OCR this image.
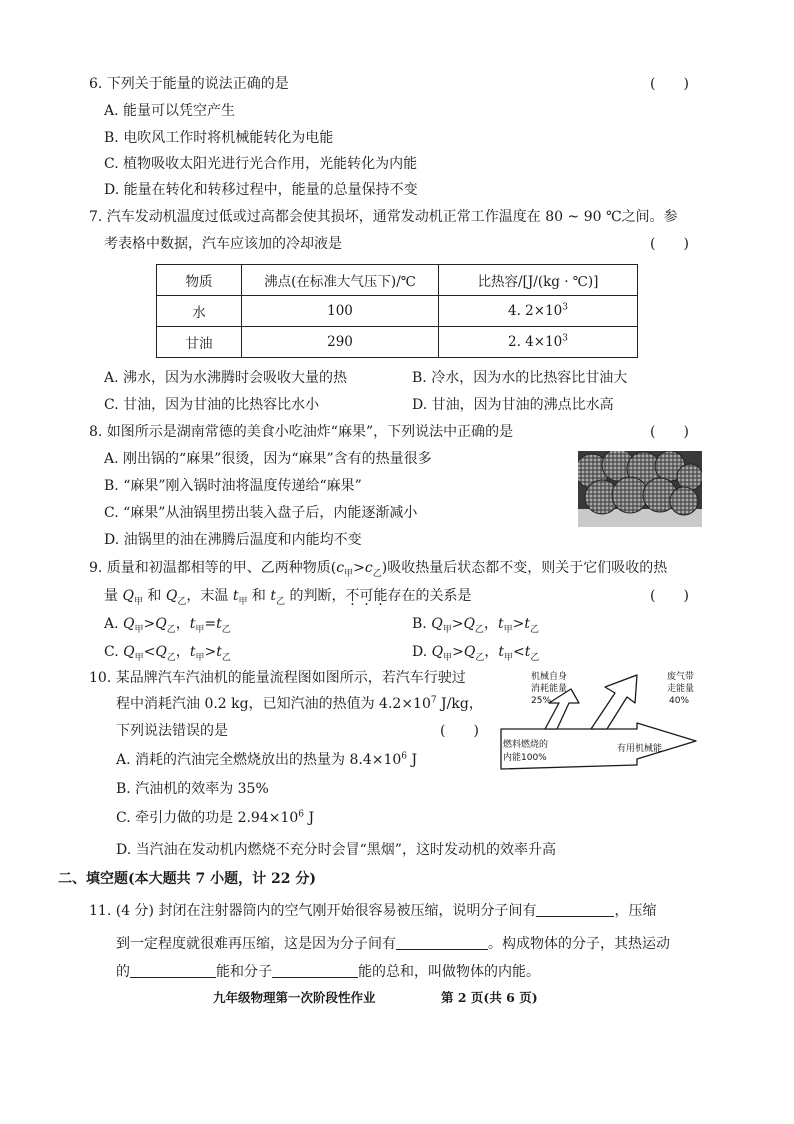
6. 下列关于能量的说法正确的是	(　　)
A. 能量可以凭空产生
B. 电吹风工作时将机械能转化为电能
C. 植物吸收太阳光进行光合作用，光能转化为内能
D. 能量在转化和转移过程中，能量的总量保持不变
7. 汽车发动机温度过低或过高都会使其损坏，通常发动机正常工作温度在 80 ~ 90 ℃之间。参
考表格中数据，汽车应该加的冷却液是	(　　)
物质	沸点(在标准大气压下)/℃	比热容/[J/(kg · ℃)]
水	100	4. $2\times 10^3$
甘油	290	2. $4\times 10^3$
A. 沸水，因为水沸腾时会吸收大量的热	B. 冷水，因为水的比热容比甘油大
C. 甘油，因为甘油的比热容比水小	D. 甘油，因为甘油的沸点比水高
8. 如图所示是湖南常德的美食小吃油炸“麻果”，下列说法中正确的是	(　　)
A. 刚出锅的“麻果”很烫，因为“麻果”含有的热量很多
B. “麻果”刚入锅时油将温度传递给“麻果”
C. “麻果”从油锅里捞出装入盘子后，内能逐渐减小
D. 油锅里的油在沸腾后温度和内能均不变
9. 质量和初温都相等的甲、乙两种物质$(c_甲>c_乙)$吸收热量后状态都不变，则关于它们吸收的热
量 $Q_甲$ 和 $Q_乙$，末温 $t_甲$ 和 $t_乙$ 的判断，不可能存在的关系是	(　　)
A. $Q_甲>Q_乙$，$t_甲=t_乙$	B. $Q_甲>Q_乙$，$t_甲>t_乙$
C. $Q_甲<Q_乙$，$t_甲>t_乙$	D. $Q_甲>Q_乙$，$t_甲<t_乙$
10. 某品牌汽车汽油机的能量流程图如图所示，若汽车行驶过
程中消耗汽油 0.2 kg，已知汽油的热值为 $4.2\times 10^7$ J/kg，
下列说法错误的是	(　　)
A. 消耗的汽油完全燃烧放出的热量为 $8.4\times 10^6$ J
B. 汽油机的效率为 35%
C. 牵引力做的功是 $2.94\times 10^6$ J
D. 当汽油在发动机内燃烧不充分时会冒“黑烟”，这时发动机的效率升高
机械自身
消耗能量
25%
废气带
走能量
40%
燃料燃烧的
内能100%
有用机械能
二、填空题(本大题共 7 小题，计 22 分)
11. (4 分) 封闭在注射器筒内的空气刚开始很容易被压缩，说明分子间有	，压缩
到一定程度就很难再压缩，这是因为分子间有	。构成物体的分子，其热运动
的	能和分子	能的总和，叫做物体的内能。
九年级物理第一次阶段性作业	第 2 页(共 6 页)
